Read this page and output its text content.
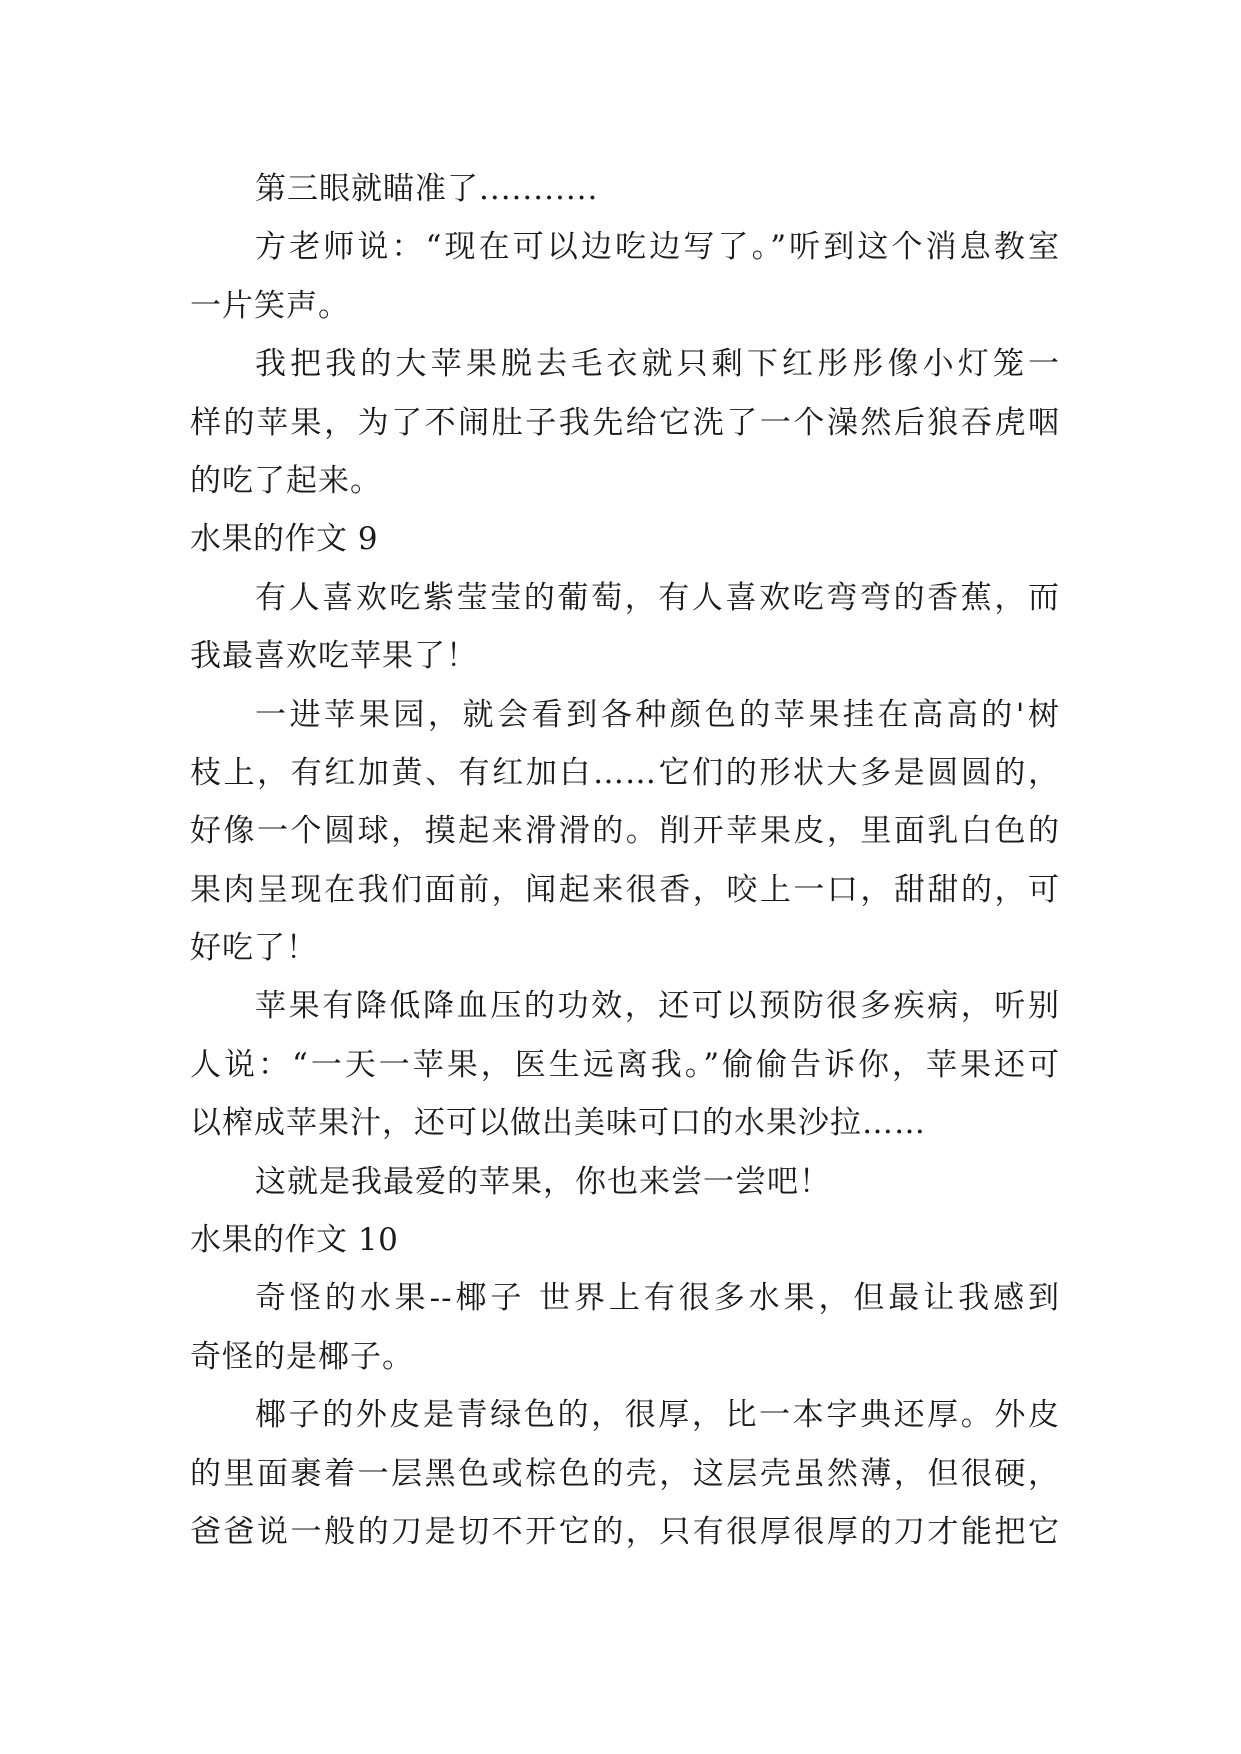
第三眼就瞄准了...........
方老师说：“现在可以边吃边写了。”听到这个消息教室
一片笑声。
我把我的大苹果脱去毛衣就只剩下红彤彤像小灯笼一
样的苹果，为了不闹肚子我先给它洗了一个澡然后狼吞虎咽
的吃了起来。
水果的作文 9
有人喜欢吃紫莹莹的葡萄，有人喜欢吃弯弯的香蕉，而
我最喜欢吃苹果了！
一进苹果园，就会看到各种颜色的苹果挂在高高的'树
枝上，有红加黄、有红加白……它们的形状大多是圆圆的，
好像一个圆球，摸起来滑滑的。削开苹果皮，里面乳白色的
果肉呈现在我们面前，闻起来很香，咬上一口，甜甜的，可
好吃了！
苹果有降低降血压的功效，还可以预防很多疾病，听别
人说：“一天一苹果，医生远离我。”偷偷告诉你，苹果还可
以榨成苹果汁，还可以做出美味可口的水果沙拉……
这就是我最爱的苹果，你也来尝一尝吧！
水果的作文 10
奇怪的水果--椰子 世界上有很多水果，但最让我感到
奇怪的是椰子。
椰子的外皮是青绿色的，很厚，比一本字典还厚。外皮
的里面裹着一层黑色或棕色的壳，这层壳虽然薄，但很硬，
爸爸说一般的刀是切不开它的，只有很厚很厚的刀才能把它
